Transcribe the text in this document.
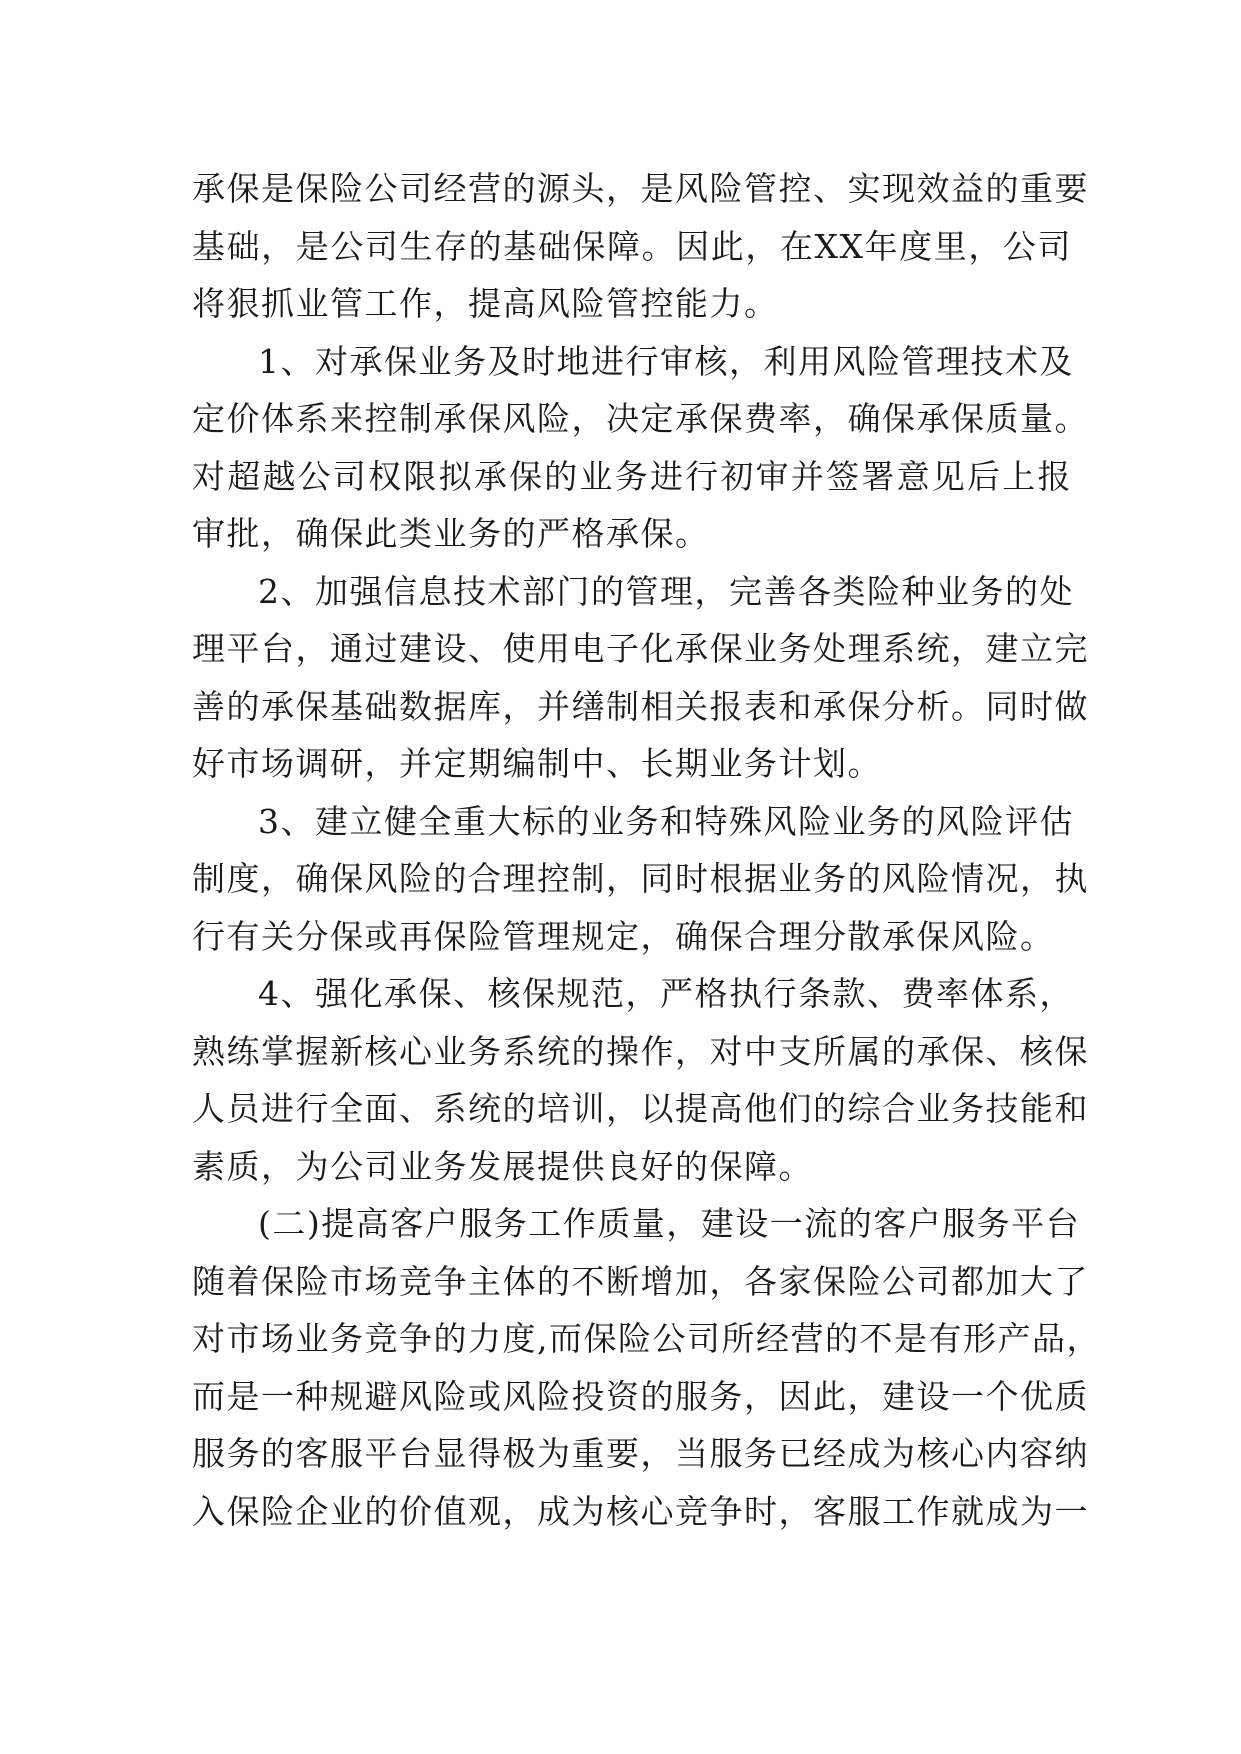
承保是保险公司经营的源头，是风险管控、实现效益的重要
基础，是公司生存的基础保障。因此，在XX年度里，公司
将狠抓业管工作，提高风险管控能力。
1、对承保业务及时地进行审核，利用风险管理技术及
定价体系来控制承保风险，决定承保费率，确保承保质量。
对超越公司权限拟承保的业务进行初审并签署意见后上报
审批，确保此类业务的严格承保。
2、加强信息技术部门的管理，完善各类险种业务的处
理平台，通过建设、使用电子化承保业务处理系统，建立完
善的承保基础数据库，并缮制相关报表和承保分析。同时做
好市场调研，并定期编制中、长期业务计划。
3、建立健全重大标的业务和特殊风险业务的风险评估
制度，确保风险的合理控制，同时根据业务的风险情况，执
行有关分保或再保险管理规定，确保合理分散承保风险。
4、强化承保、核保规范，严格执行条款、费率体系，
熟练掌握新核心业务系统的操作，对中支所属的承保、核保
人员进行全面、系统的培训，以提高他们的综合业务技能和
素质，为公司业务发展提供良好的保障。
(二)提高客户服务工作质量，建设一流的客户服务平台
随着保险市场竞争主体的不断增加，各家保险公司都加大了
对市场业务竞争的力度,而保险公司所经营的不是有形产品，
而是一种规避风险或风险投资的服务，因此，建设一个优质
服务的客服平台显得极为重要，当服务已经成为核心内容纳
入保险企业的价值观，成为核心竞争时，客服工作就成为一
